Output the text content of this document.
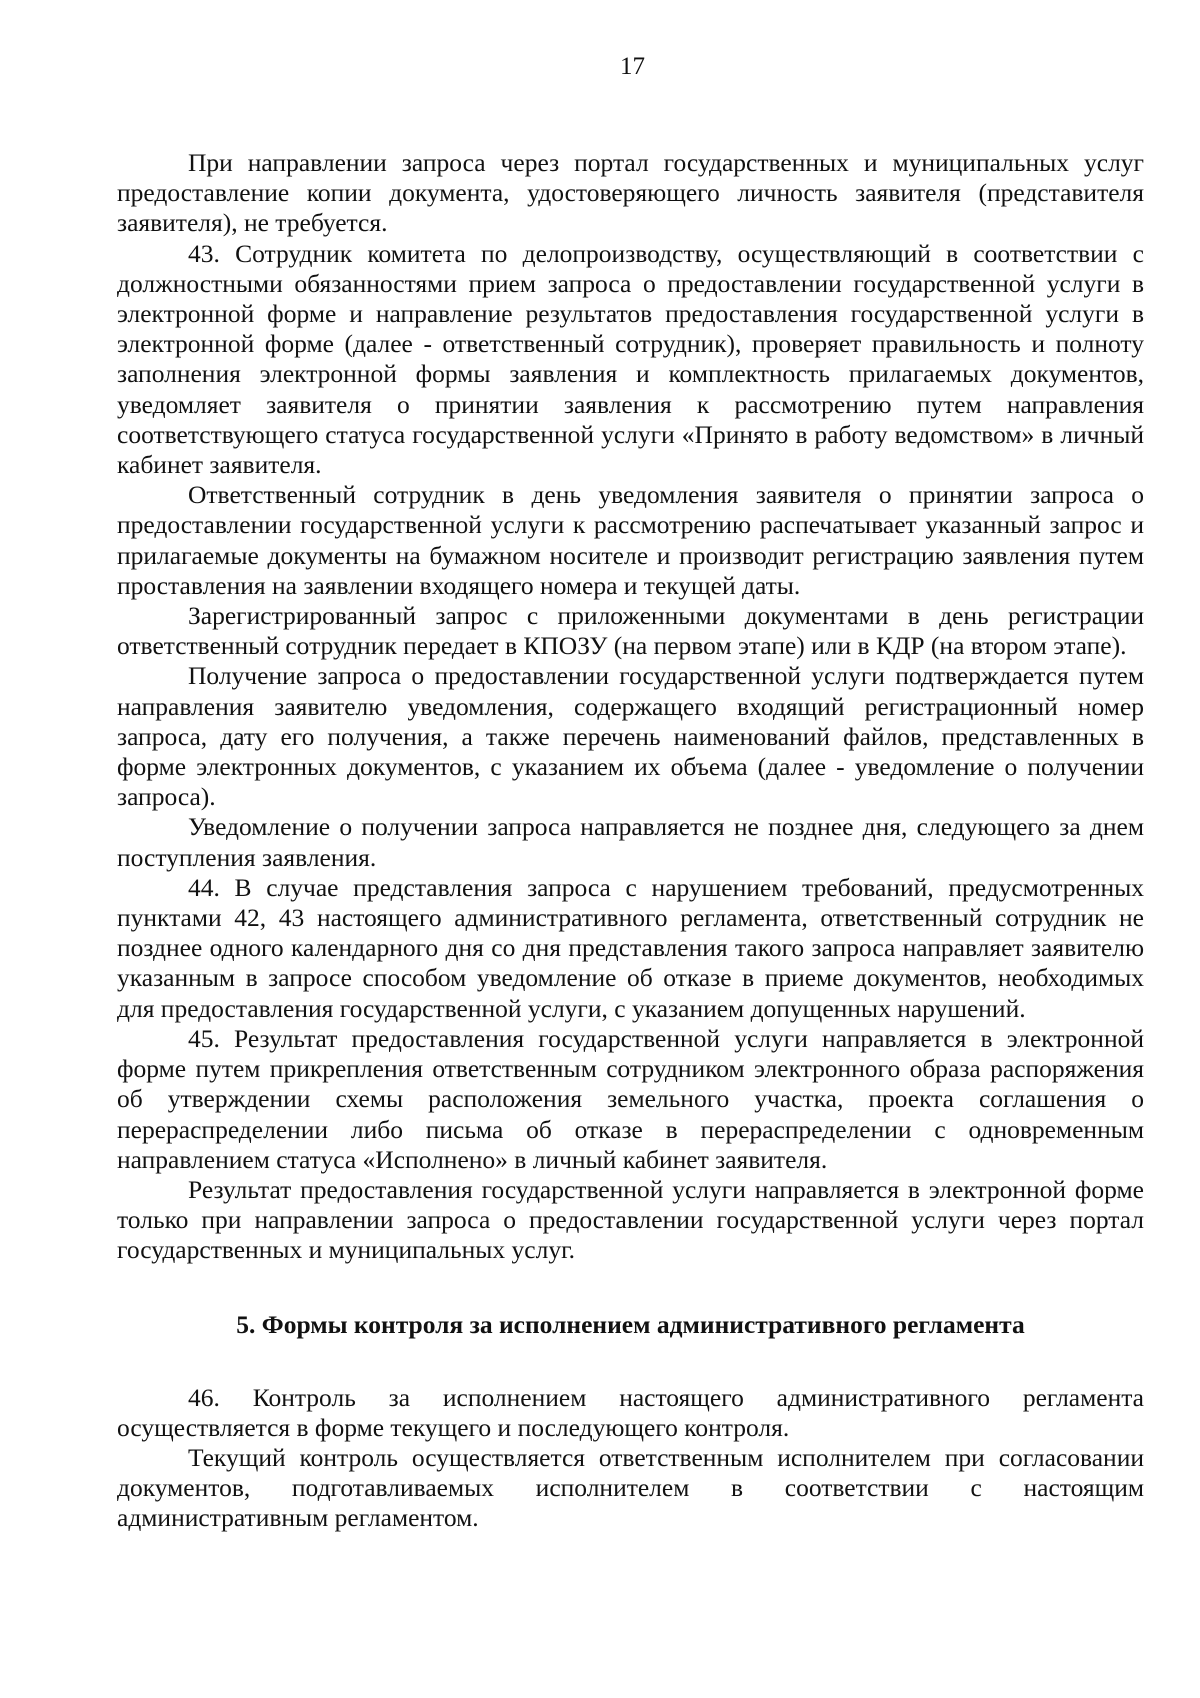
17

При направлении запроса через портал государственных и муниципальных услуг предоставление копии документа, удостоверяющего личность заявителя (представителя заявителя), не требуется.

43. Сотрудник комитета по делопроизводству, осуществляющий в соответствии с должностными обязанностями прием запроса о предоставлении государственной услуги в электронной форме и направление результатов предоставления государственной услуги в электронной форме (далее - ответственный сотрудник), проверяет правильность и полноту заполнения электронной формы заявления и комплектность прилагаемых документов, уведомляет заявителя о принятии заявления к рассмотрению путем направления соответствующего статуса государственной услуги «Принято в работу ведомством» в личный кабинет заявителя.

Ответственный сотрудник в день уведомления заявителя о принятии запроса о предоставлении государственной услуги к рассмотрению распечатывает указанный запрос и прилагаемые документы на бумажном носителе и производит регистрацию заявления путем проставления на заявлении входящего номера и текущей даты.

Зарегистрированный запрос с приложенными документами в день регистрации ответственный сотрудник передает в КПОЗУ (на первом этапе) или в КДР (на втором этапе).

Получение запроса о предоставлении государственной услуги подтверждается путем направления заявителю уведомления, содержащего входящий регистрационный номер запроса, дату его получения, а также перечень наименований файлов, представленных в форме электронных документов, с указанием их объема (далее - уведомление о получении запроса).

Уведомление о получении запроса направляется не позднее дня, следующего за днем поступления заявления.

44. В случае представления запроса с нарушением требований, предусмотренных пунктами 42, 43 настоящего административного регламента, ответственный сотрудник не позднее одного календарного дня со дня представления такого запроса направляет заявителю указанным в запросе способом уведомление об отказе в приеме документов, необходимых для предоставления государственной услуги, с указанием допущенных нарушений.

45. Результат предоставления государственной услуги направляется в электронной форме путем прикрепления ответственным сотрудником электронного образа распоряжения об утверждении схемы расположения земельного участка, проекта соглашения о перераспределении либо письма об отказе в перераспределении с одновременным направлением статуса «Исполнено» в личный кабинет заявителя.

Результат предоставления государственной услуги направляется в электронной форме только при направлении запроса о предоставлении государственной услуги через портал государственных и муниципальных услуг.

5. Формы контроля за исполнением административного регламента

46. Контроль за исполнением настоящего административного регламента осуществляется в форме текущего и последующего контроля.

Текущий контроль осуществляется ответственным исполнителем при согласовании документов, подготавливаемых исполнителем в соответствии с настоящим административным регламентом.
